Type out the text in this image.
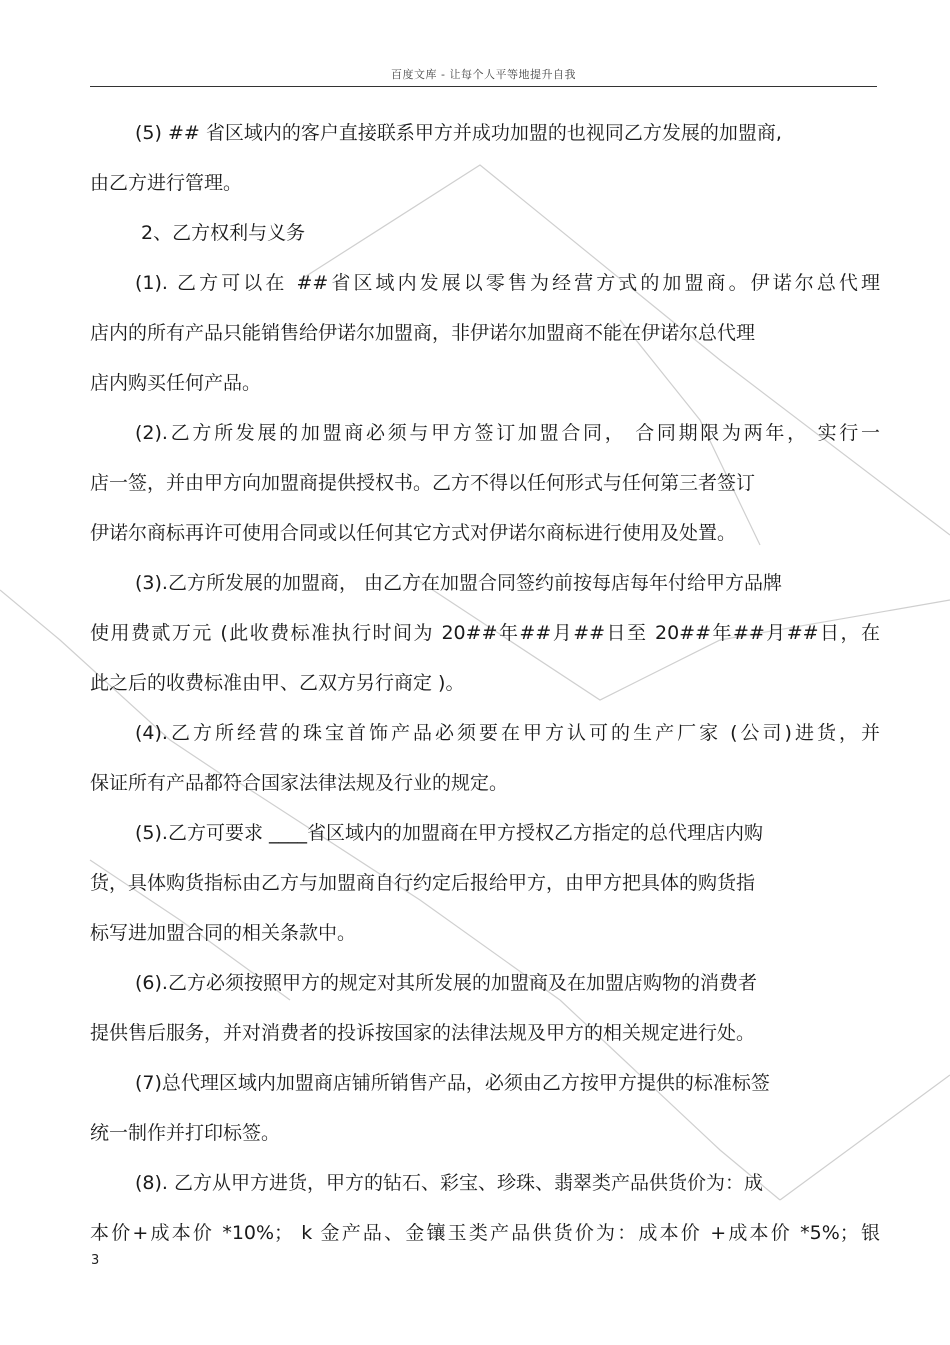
百度文库 - 让每个人平等地提升自我
(5) ## 省区域内的客户直接联系甲方并成功加盟的也视同乙方发展的加盟商,
由乙方进行管理。
2、乙方权利与义务
(1). 乙方可以在 ##省区域内发展以零售为经营方式的加盟商。伊诺尔总代理
店内的所有产品只能销售给伊诺尔加盟商，非伊诺尔加盟商不能在伊诺尔总代理
店内购买任何产品。
(2).乙方所发展的加盟商必须与甲方签订加盟合同， 合同期限为两年， 实行一
店一签，并由甲方向加盟商提供授权书。乙方不得以任何形式与任何第三者签订
伊诺尔商标再许可使用合同或以任何其它方式对伊诺尔商标进行使用及处置。
(3).乙方所发展的加盟商， 由乙方在加盟合同签约前按每店每年付给甲方品牌
使用费贰万元 (此收费标准执行时间为 20##年##月##日至 20##年##月##日，在
此之后的收费标准由甲、乙双方另行商定 )。
(4).乙方所经营的珠宝首饰产品必须要在甲方认可的生产厂家 (公司)进货，并
保证所有产品都符合国家法律法规及行业的规定。
(5).乙方可要求 ____省区域内的加盟商在甲方授权乙方指定的总代理店内购
货，具体购货指标由乙方与加盟商自行约定后报给甲方，由甲方把具体的购货指
标写进加盟合同的相关条款中。
(6).乙方必须按照甲方的规定对其所发展的加盟商及在加盟店购物的消费者
提供售后服务，并对消费者的投诉按国家的法律法规及甲方的相关规定进行处。
(7)总代理区域内加盟商店铺所销售产品，必须由乙方按甲方提供的标准标签
统一制作并打印标签。
(8). 乙方从甲方进货，甲方的钻石、彩宝、珍珠、翡翠类产品供货价为：成
本价+成本价 *10%； k 金产品、金镶玉类产品供货价为：成本价 +成本价 *5%；银
3
